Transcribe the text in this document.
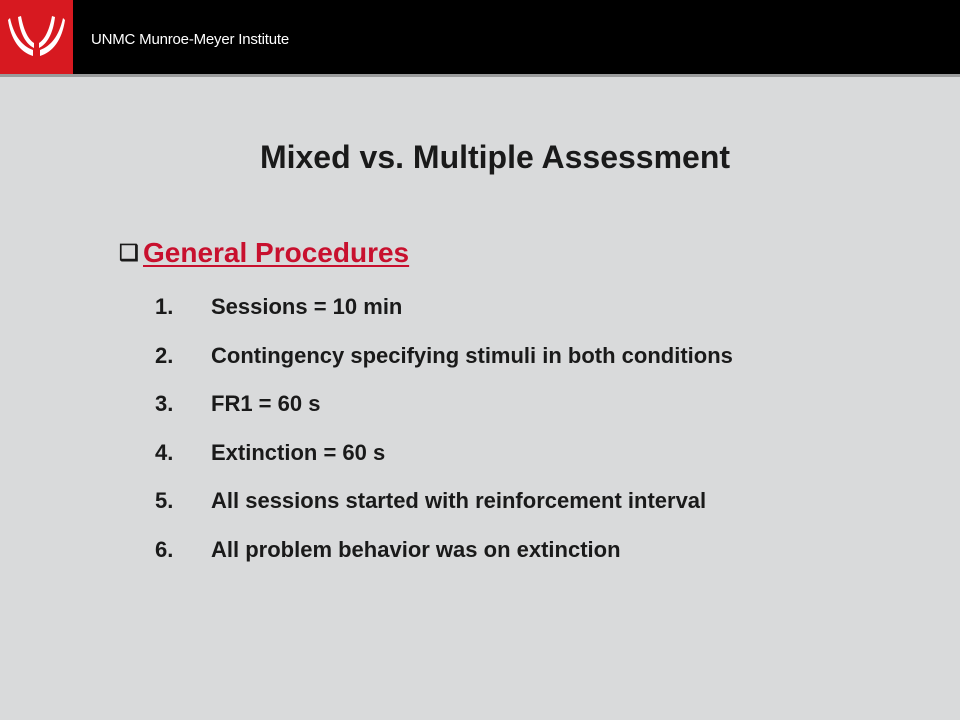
UNMC Munroe-Meyer Institute
Mixed vs. Multiple Assessment
❑ General Procedures
1. Sessions = 10 min
2. Contingency specifying stimuli in both conditions
3. FR1 = 60 s
4. Extinction = 60 s
5. All sessions started with reinforcement interval
6. All problem behavior was on extinction
